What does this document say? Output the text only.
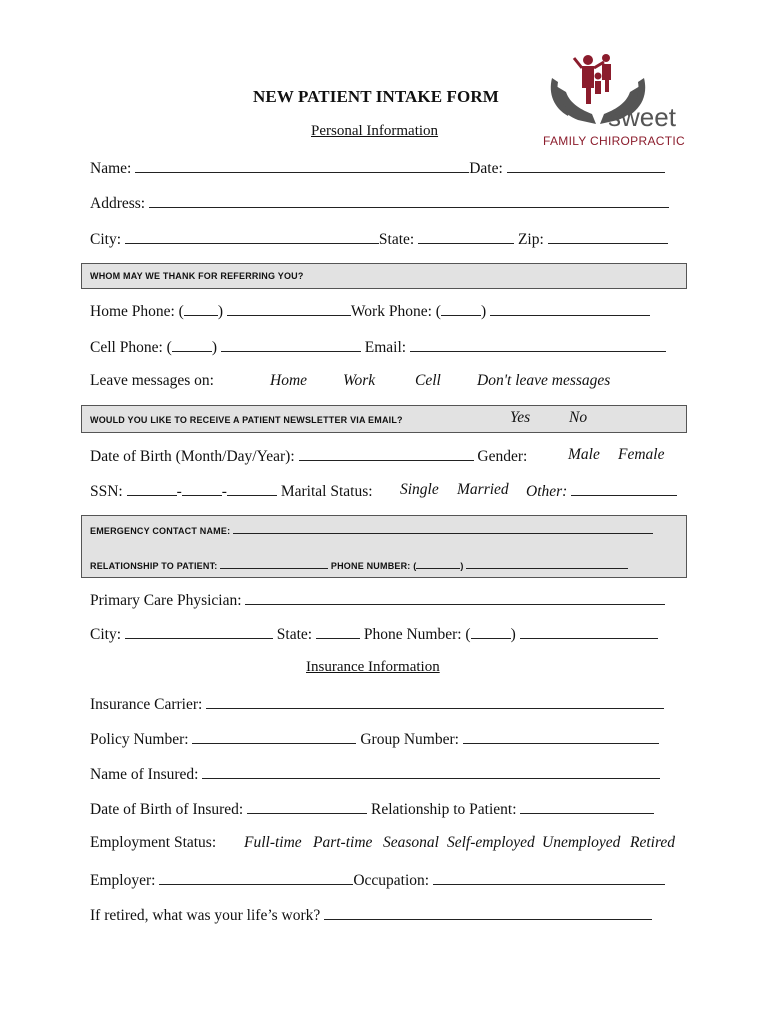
sweet
FAMILY CHIROPRACTIC
NEW PATIENT INTAKE FORM
Personal Information
Name:	Date:
Address:
City:	State:	Zip:
WHOM MAY WE THANK FOR REFERRING YOU?
Home Phone: ( )	Work Phone: (	)
Cell Phone: (	)	Email:
Leave messages on:	Home Work	Cell Don't leave messages
WOULD YOU LIKE TO RECEIVE A PATIENT NEWSLETTER VIA EMAIL?	Yes	No
Date of Birth (Month/Day/Year):	Gender:	Male Female
SSN:	-	-	Marital Status: Single Married Other:
EMERGENCY CONTACT NAME:
RELATIONSHIP TO PATIENT:	PHONE NUMBER: (	)
Primary Care Physician:
City:	State:	Phone Number: (	)
Insurance Information
Insurance Carrier:
Policy Number:	Group Number:
Name of Insured:
Date of Birth of Insured:	Relationship to Patient:
Employment Status: Full-time Part-time Seasonal Self-employed Unemployed Retired
Employer:	Occupation:
If retired, what was your life’s work?
